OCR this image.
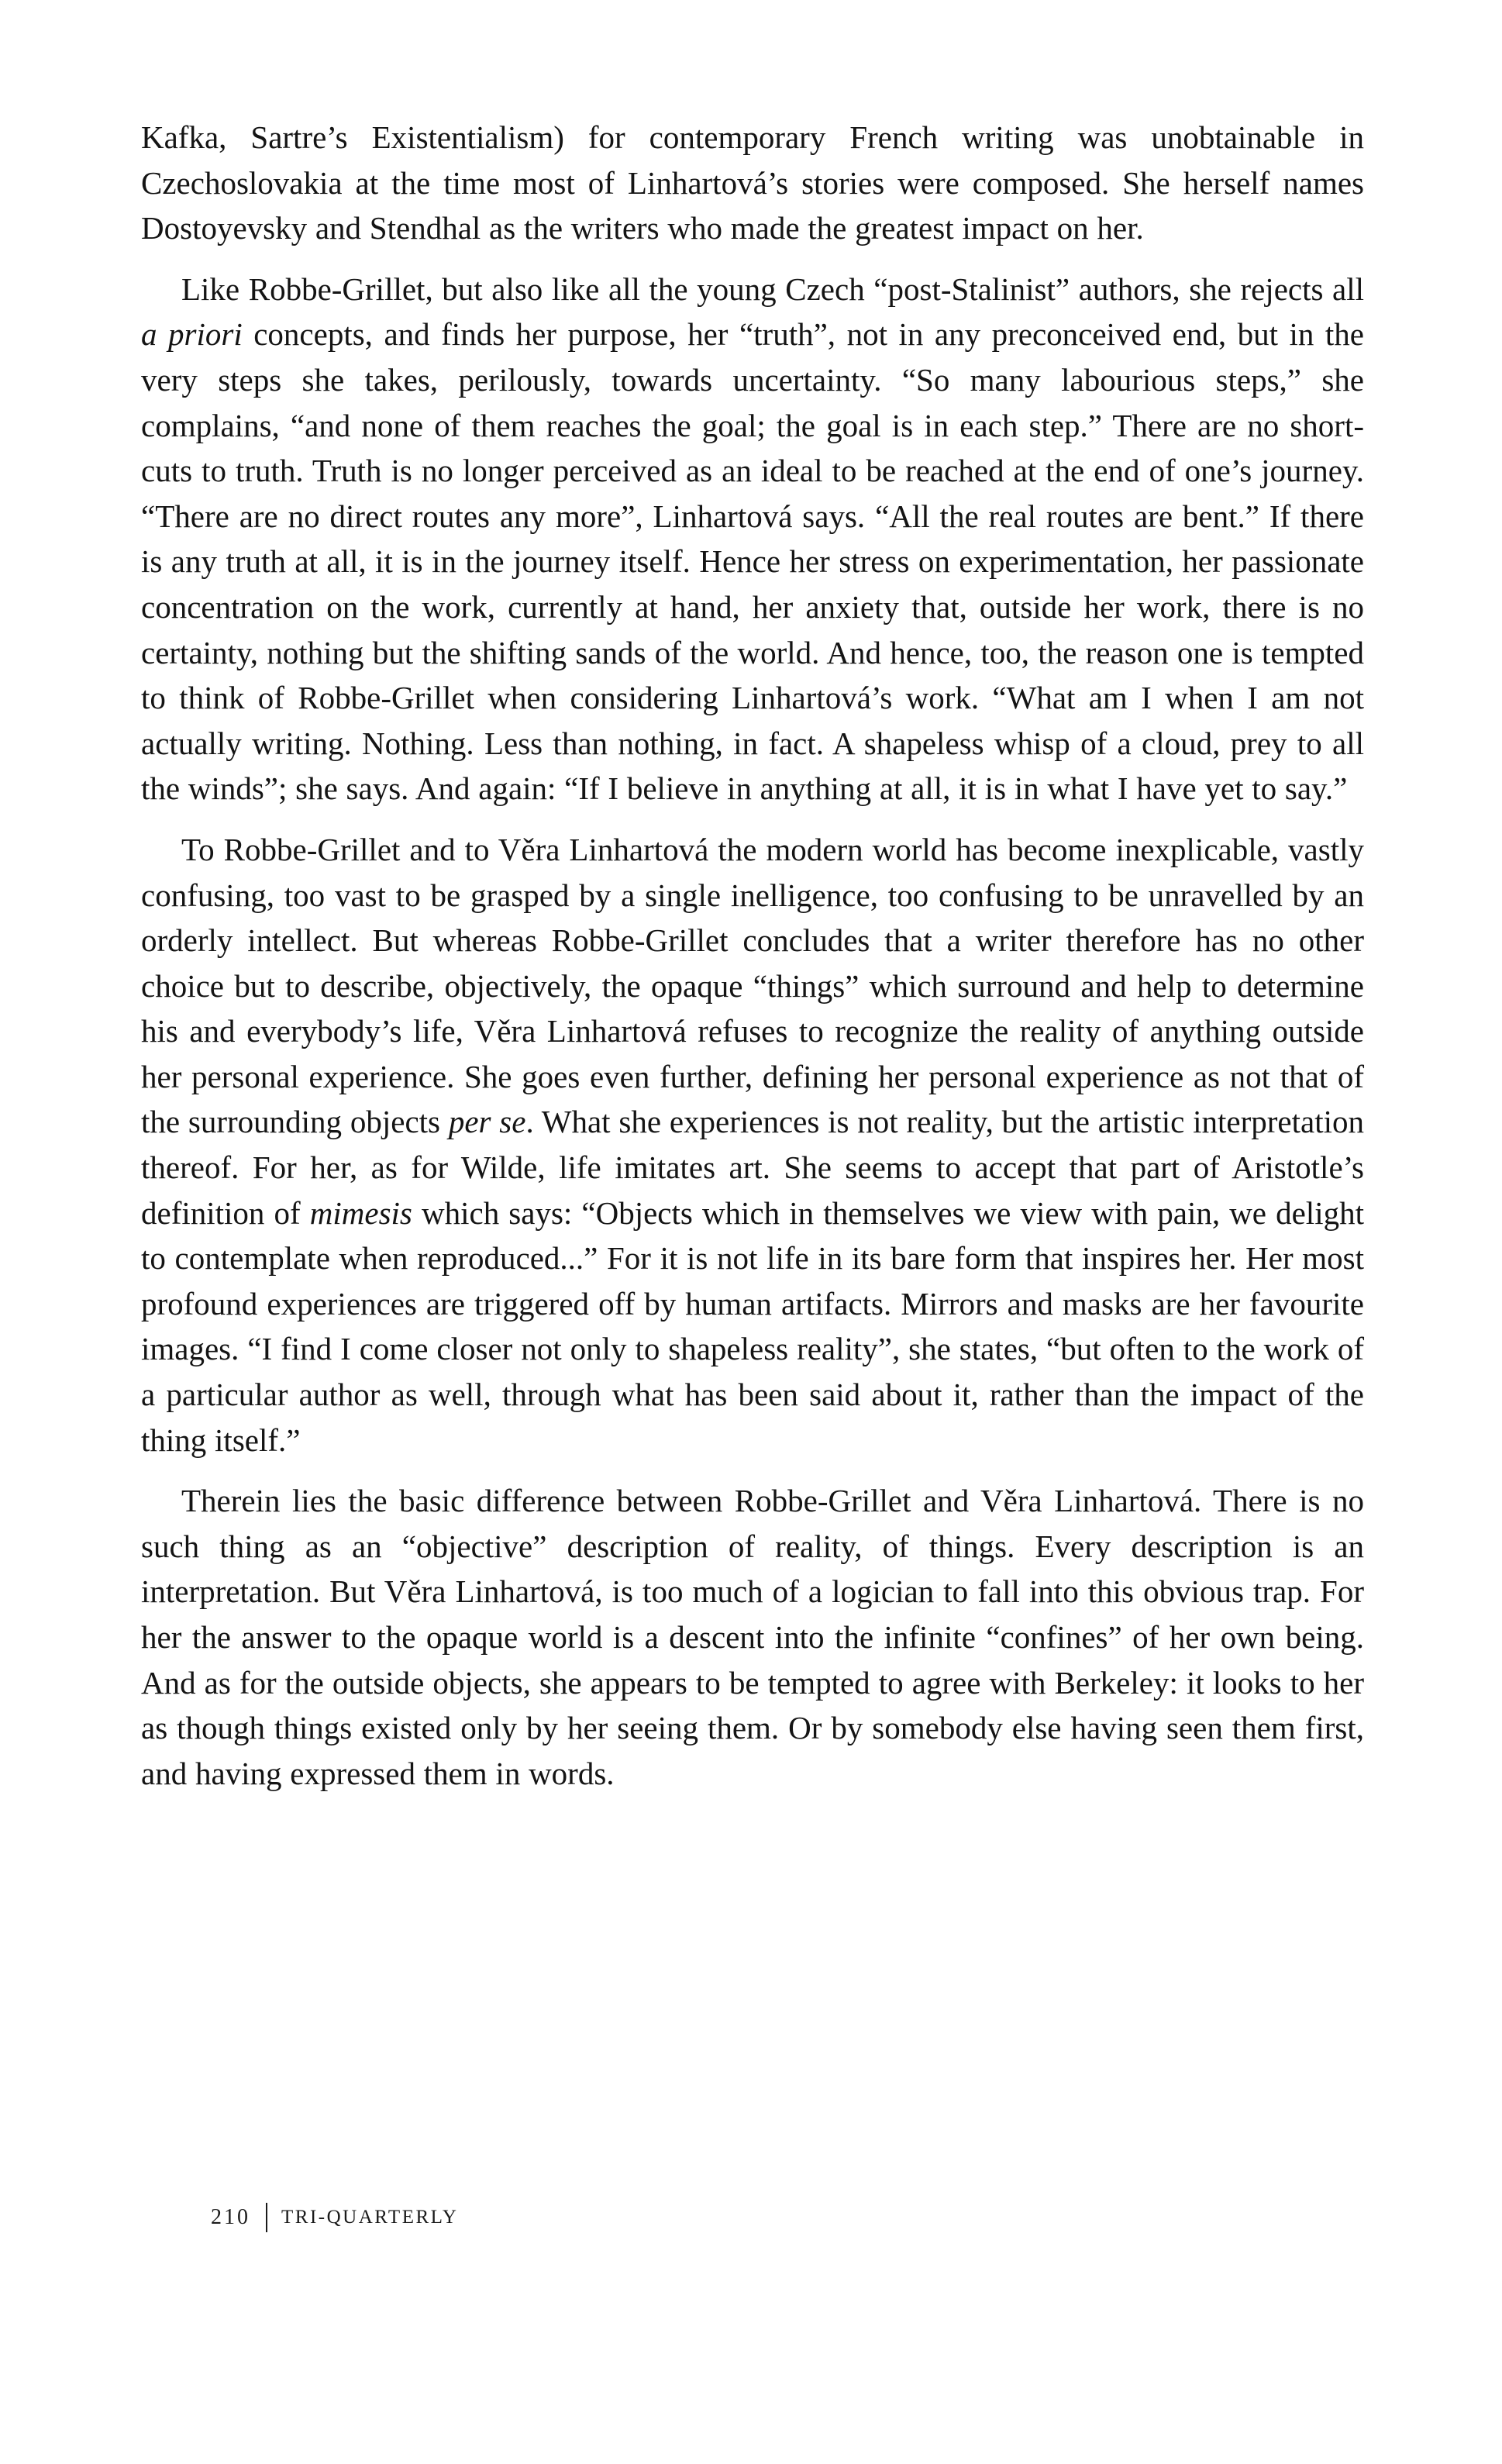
Kafka, Sartre’s Existentialism) for contemporary French writing was unobtainable in Czechoslovakia at the time most of Linhartová’s stories were composed. She herself names Dostoyevsky and Stendhal as the writers who made the greatest impact on her.

Like Robbe-Grillet, but also like all the young Czech “post-Stalinist” authors, she rejects all a priori concepts, and finds her purpose, her “truth”, not in any preconceived end, but in the very steps she takes, perilously, towards uncertainty. “So many labourious steps,” she complains, “and none of them reaches the goal; the goal is in each step.” There are no short-cuts to truth. Truth is no longer perceived as an ideal to be reached at the end of one’s journey. “There are no direct routes any more”, Linhartová says. “All the real routes are bent.” If there is any truth at all, it is in the journey itself. Hence her stress on experimentation, her passionate concentration on the work, currently at hand, her anxiety that, outside her work, there is no certainty, nothing but the shifting sands of the world. And hence, too, the reason one is tempted to think of Robbe-Grillet when considering Linhartová’s work. “What am I when I am not actually writing. Nothing. Less than nothing, in fact. A shapeless whisp of a cloud, prey to all the winds”; she says. And again: “If I believe in anything at all, it is in what I have yet to say.”

To Robbe-Grillet and to Věra Linhartová the modern world has become inexplicable, vastly confusing, too vast to be grasped by a single inelligence, too confusing to be unravelled by an orderly intellect. But whereas Robbe-Grillet concludes that a writer therefore has no other choice but to describe, objectively, the opaque “things” which surround and help to determine his and everybody’s life, Věra Linhartová refuses to recognize the reality of anything outside her personal experience. She goes even further, defining her personal experience as not that of the surrounding objects per se. What she experiences is not reality, but the artistic interpretation thereof. For her, as for Wilde, life imitates art. She seems to accept that part of Aristotle’s definition of mimesis which says: “Objects which in themselves we view with pain, we delight to contemplate when reproduced...” For it is not life in its bare form that inspires her. Her most profound experiences are triggered off by human artifacts. Mirrors and masks are her favourite images. “I find I come closer not only to shapeless reality”, she states, “but often to the work of a particular author as well, through what has been said about it, rather than the impact of the thing itself.”

Therein lies the basic difference between Robbe-Grillet and Věra Linhartová. There is no such thing as an “objective” description of reality, of things. Every description is an interpretation. But Věra Linhartová, is too much of a logician to fall into this obvious trap. For her the answer to the opaque world is a descent into the infinite “confines” of her own being. And as for the outside objects, she appears to be tempted to agree with Berkeley: it looks to her as though things existed only by her seeing them. Or by somebody else having seen them first, and having expressed them in words.

210 TRI-QUARTERLY
